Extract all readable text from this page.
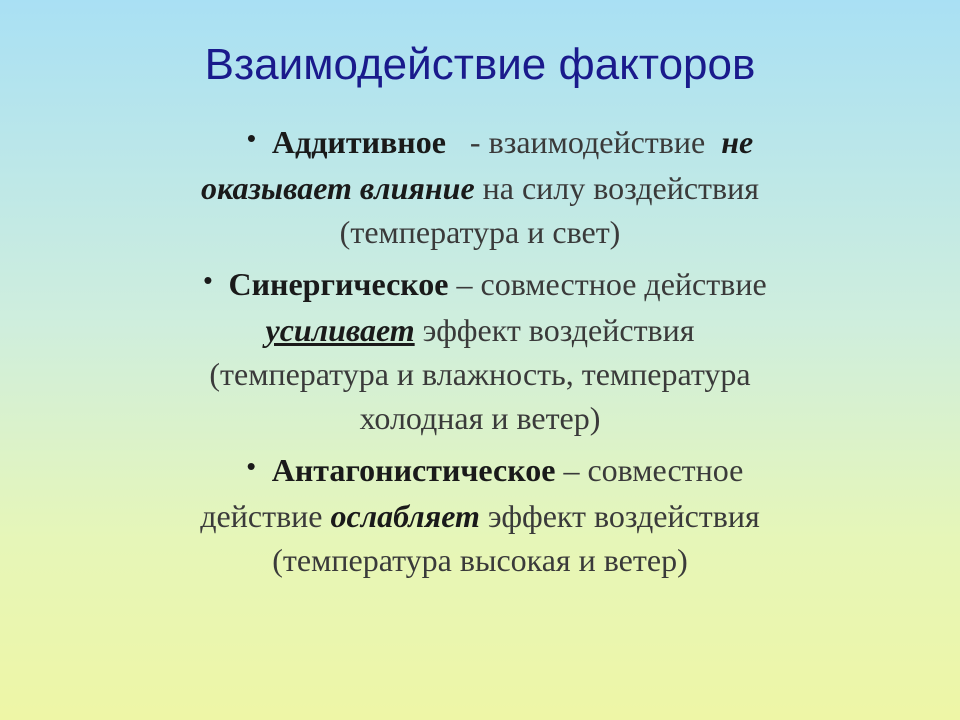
Взаимодействие факторов
• Аддитивное - взаимодействие не
оказывает влияние на силу воздействия
(температура и свет)
• Синергическое – совместное действие
усиливает эффект воздействия
(температура и влажность, температура
холодная и ветер)
• Антагонистическое – совместное
действие ослабляет эффект воздействия
(температура высокая и ветер)
